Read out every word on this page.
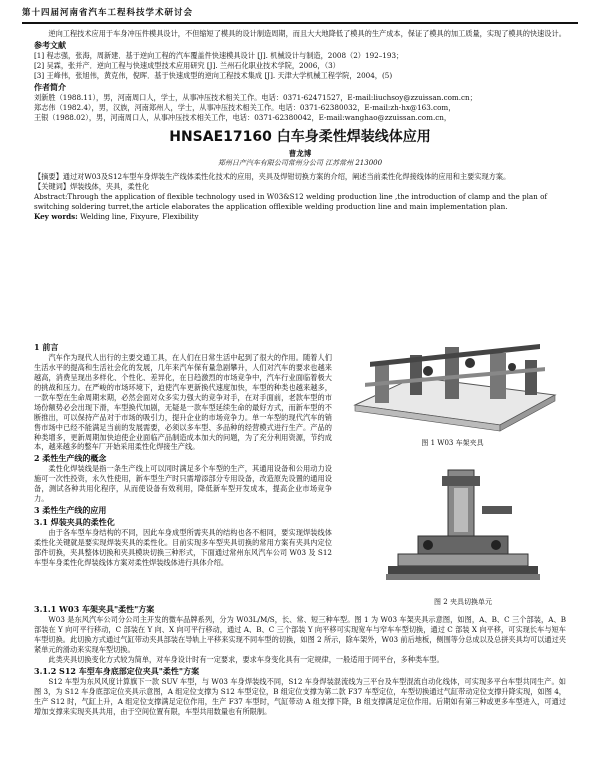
第十四届河南省汽车工程科技学术研讨会

逆向工程技术应用于车身冲压件模具设计，不但缩短了模具的设计制造周期，而且大大地降低了模具的生产成本，保证了模具的加工质量，实现了模具的快速设计。

参考文献
[1] 程志强，张海，周新建．基于逆向工程的汽车覆盖件快速模具设计 [J]. 机械设计与制造，2008（2）192–193；
[2] 吴霖，张并产．逆向工程与快速成型技术应用研究 [J]. 兰州石化职业技术学院，2006，（3）
[3] 王峰伟，张旭伟，黄克伟，倪晖．基于快速成型的逆向工程技术集成 [J]. 天津大学机械工程学院，2004，(5)
作者简介
刘新胜（1988.11），男，河南周口人，学士，从事冲压技术相关工作。电话：0371-62471527，E-mail:liuchsoy@zzuissan.com.cn；
郑志伟（1982.4），男，汉族，河南郑州人，学士，从事冲压技术相关工作。电话：0371-62380032，E-mail:zh-hx@163.com，
王银（1988.02），男，河南周口人，从事冲压技术相关工作，电话：0371-62380042，E-mail:wanghao@zzuissan.com.cn，
HNSAE17160 白车身柔性焊装线体应用
曹龙博
郑州日产汽车有限公司常州分公司 江苏常州 213000
【摘要】通过对W03及S12车型车身焊装生产线体柔性化技术的应用，夹具及焊钳切换方案的介绍，阐述当前柔性化焊接线体的应用和主要实现方案。
【关键词】焊装线体，夹具，柔性化
Abstract:Through the application of flexible technology used in W03&S12 welding production line ,the introduction of clamp and the plan of switching soldering turret,the article elaborates the application offlexible welding production line and main implementation plan.
Key words: Welding line, Fixyure, Flexibility
1 前言

汽车作为现代人出行的主要交通工具，在人们在日常生活中起到了很大的作用。随着人们生活水平的提高和生活社会化的发展，几年来汽车保有量急剧攀升，人们对汽车的要求也越来越高，消费呈现出多样化、个性化、差异化，在日趋激烈的市场竞争中，汽车行业面临着极大的挑战和压力。在严峻的市场环境下，迫使汽车更新换代速度加快，车型的种类也越来越多，一款车型在生命周期末期，必然会面对众多实力强大的竞争对手，在对手面前，老款车型的市场份额势必会出现下滑，车型换代加剧，无疑是一款车型延续生命的最好方式，而新车型的不断推出，可以保持产品对于市场的吸引力，提升企业的市场竞争力。单一车型的现代汽车的销售市场中已经不能满足当前的发展需要，必须以多车型、多品种的经营模式进行生产。产品的种类增多，更新周期加快迫使企业面临产品制造成本加大的问题，为了充分利用资源，节约成本，越来越多的整车厂开始采用柔性化焊接生产线。

2 柔性生产线的概念

柔性化焊装线是指一条生产线上可以同时满足多个车型的生产，其通用设备和公用动力设施可一次性投资，永久性使用，新车型生产时只需增添部分专用设备，改造原先设置的通用设备，测试各种共用化程序，从而使设备有效利用，降低新车型开发成本，提高企业市场竞争力。

3 柔性生产线的应用
3.1 焊装夹具的柔性化

由于各车型车身结构的不同，因此车身成型所需夹具的结构也各不相同，要实现焊装线体柔性化关键就是要实现焊装夹具的柔性化。目前实现多车型夹具切换的常用方案有夹具内定位部件切换，夹具整体切换和夹具模块切换三种形式，下面通过常州东风汽车公司 W03 及 S12 车型车身柔性化焊装线体方案对柔性焊装线体进行具体介绍。

图 1 W03 车架夹具
图 2 夹具切换单元
3.1.1 W03 车架夹具"柔性"方案

W03 是东风汽车公司分公司主开发的微车品牌系列，分为 W03L/M/S，长、常、短三种车型。图 1 为 W03 车架夹具示意图，如图，A、B、C 三个部装，A、B 部装在 Y 向可平行移动，C 部装在 Y 向、X 向可平行移动，通过 A、B、C 三个部装 Y 向平移可实现宽车与窄车车型切换，通过 C 部装 X 向平移，可实现长车与短车车型切换。此切换方式通过气缸带动夹具部装在导轨上平移来实现不同车型的切换，如图 2 所示，除车架外，W03 前后地板，侧围等分总成以及总拼夹具均可以通过夹紧单元的滑动来实现车型切换。

此类夹具切换变化方式较为简单，对车身设计时有一定要求，要求车身变化具有一定规律，一般适用于同平台，多种类车型。

3.1.2 S12 车型车身底部定位夹具"柔性"方案

S12 车型为东风风度计算旗下一款 SUV 车型，与 W03 车身焊装线不同，S12 车身焊装混流线为三平台及车型混流自动化线体，可实现多平台车型共同生产。如图 3，为 S12 车身底部定位夹具示意图，A 组定位支撑为 S12 车型定位，B 组定位支撑为第二款 F37 车型定位，车型切换通过气缸带动定位支撑升降实现，如图 4，生产 S12 时，气缸上升，A 组定位支撑满足定位作用，生产 F37 车型时，气缸带动 A 组支撑下降，B 组支撑满足定位作用。后期如有第三种或更多车型进入，可通过增加支撑来实现夹具共用，由于空间位置有限，车型共用数量也有所限制。
